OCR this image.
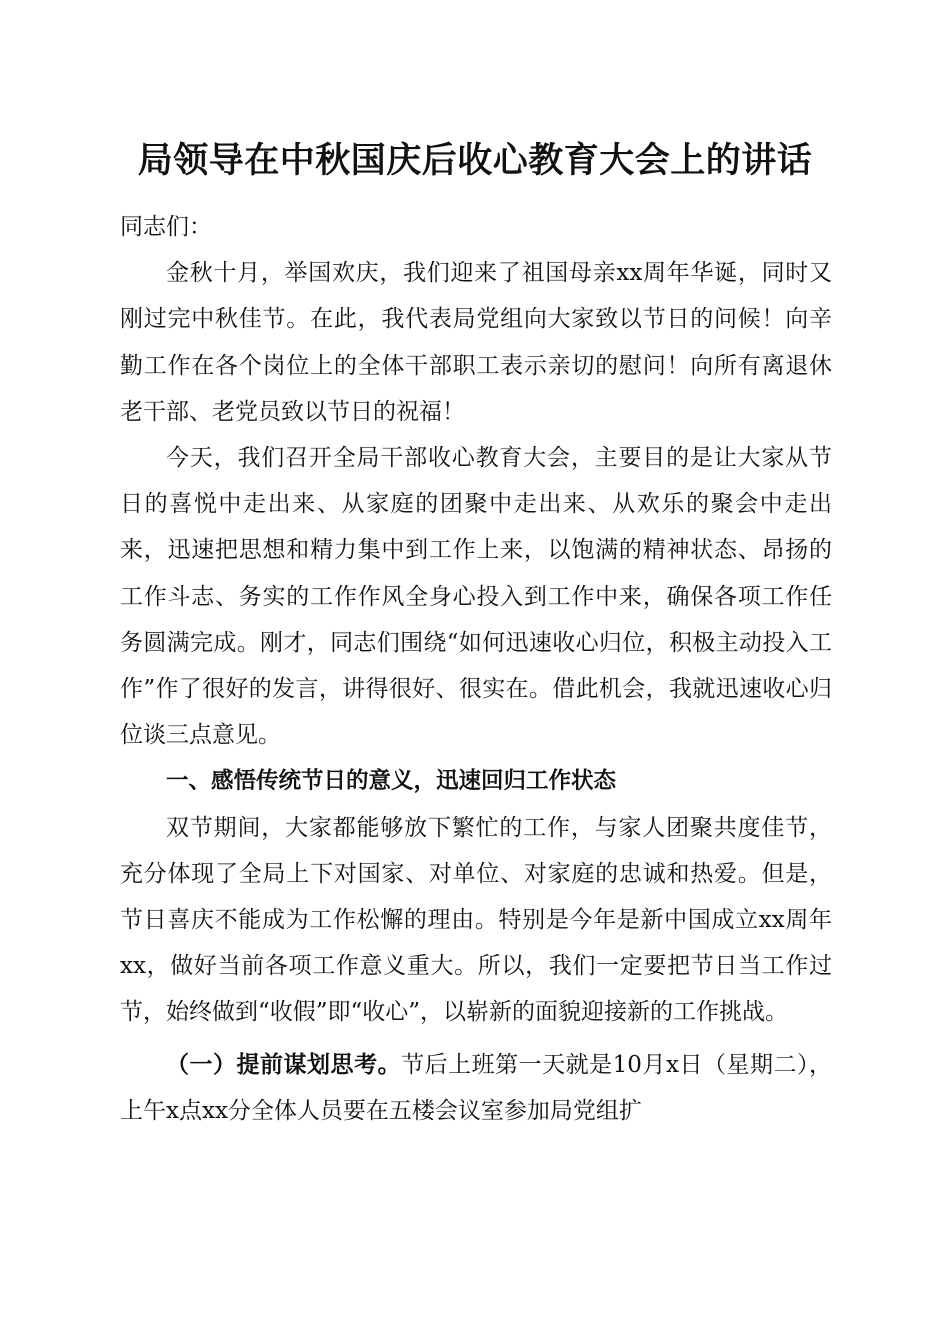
局领导在中秋国庆后收心教育大会上的讲话

同志们：

金秋十月，举国欢庆，我们迎来了祖国母亲xx周年华诞，同时又刚过完中秋佳节。在此，我代表局党组向大家致以节日的问候！向辛勤工作在各个岗位上的全体干部职工表示亲切的慰问！向所有离退休老干部、老党员致以节日的祝福！

今天，我们召开全局干部收心教育大会，主要目的是让大家从节日的喜悦中走出来、从家庭的团聚中走出来、从欢乐的聚会中走出来，迅速把思想和精力集中到工作上来，以饱满的精神状态、昂扬的工作斗志、务实的工作作风全身心投入到工作中来，确保各项工作任务圆满完成。刚才，同志们围绕“如何迅速收心归位，积极主动投入工作”作了很好的发言，讲得很好、很实在。借此机会，我就迅速收心归位谈三点意见。

一、感悟传统节日的意义，迅速回归工作状态

双节期间，大家都能够放下繁忙的工作，与家人团聚共度佳节，充分体现了全局上下对国家、对单位、对家庭的忠诚和热爱。但是，节日喜庆不能成为工作松懈的理由。特别是今年是新中国成立xx周年xx，做好当前各项工作意义重大。所以，我们一定要把节日当工作过节，始终做到“收假”即“收心”，以崭新的面貌迎接新的工作挑战。

（一）提前谋划思考。节后上班第一天就是10月x日（星期二），上午x点xx分全体人员要在五楼会议室参加局党组扩
